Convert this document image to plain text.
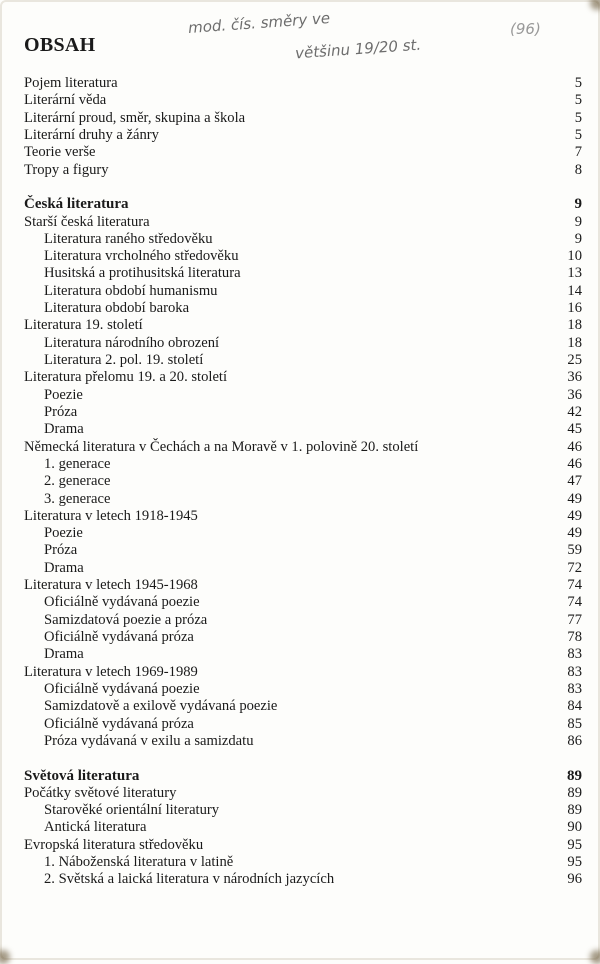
OBSAH
mod. čís. směry ve
většinu 19/20 st.
(96)
Pojem literatura	5
Literární věda	5
Literární proud, směr, skupina a škola	5
Literární druhy a žánry	5
Teorie verše	7
Tropy a figury	8
Česká literatura	9
Starší česká literatura	9
Literatura raného středověku	9
Literatura vrcholného středověku	10
Husitská a protihusitská literatura	13
Literatura období humanismu	14
Literatura období baroka	16
Literatura 19. století	18
Literatura národního obrození	18
Literatura 2. pol. 19. století	25
Literatura přelomu 19. a 20. století	36
Poezie	36
Próza	42
Drama	45
Německá literatura v Čechách a na Moravě v 1. polovině 20. století	46
1. generace	46
2. generace	47
3. generace	49
Literatura v letech 1918-1945	49
Poezie	49
Próza	59
Drama	72
Literatura v letech 1945-1968	74
Oficiálně vydávaná poezie	74
Samizdatová poezie a próza	77
Oficiálně vydávaná próza	78
Drama	83
Literatura v letech 1969-1989	83
Oficiálně vydávaná poezie	83
Samizdatově a exilově vydávaná poezie	84
Oficiálně vydávaná próza	85
Próza vydávaná v exilu a samizdatu	86
Světová literatura	89
Počátky světové literatury	89
Starověké orientální literatury	89
Antická literatura	90
Evropská literatura středověku	95
1. Náboženská literatura v latině	95
2. Světská a laická literatura v národních jazycích	96
